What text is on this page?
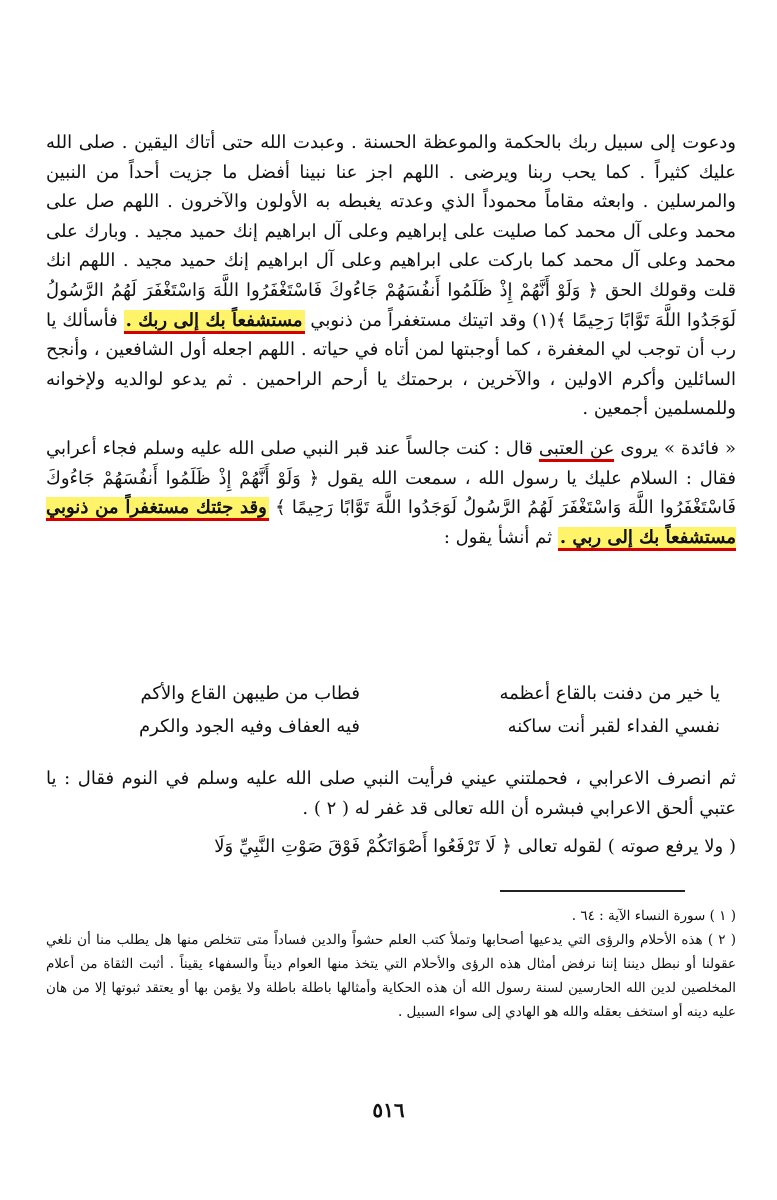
ودعوت إلى سبيل ربك بالحكمة والموعظة الحسنة . وعبدت الله حتى أتاك اليقين . صلى الله عليك كثيراً . كما يحب ربنا ويرضى . اللهم اجز عنا نبينا أفضل ما جزيت أحداً من النبين والمرسلين . وابعثه مقاماً محموداً الذي وعدته يغبطه به الأولون والآخرون . اللهم صل على محمد وعلى آل محمد كما صليت على إبراهيم وعلى آل ابراهيم إنك حميد مجيد . وبارك على محمد وعلى آل محمد كما باركت على ابراهيم وعلى آل ابراهيم إنك حميد مجيد . اللهم انك قلت وقولك الحق ﴿ وَلَوْ أَنَّهُمْ إِذْ ظَلَمُوا أَنفُسَهُمْ جَاءُوكَ فَاسْتَغْفَرُوا اللَّهَ وَاسْتَغْفَرَ لَهُمُ الرَّسُولُ لَوَجَدُوا اللَّهَ تَوَّابًا رَحِيمًا ﴾(١) وقد اتيتك مستغفراً من ذنوبي مستشفعاً بك إلى ربك . فأسألك يا رب أن توجب لي المغفرة ، كما أوجبتها لمن أتاه في حياته . اللهم اجعله أول الشافعين ، وأنجح السائلين وأكرم الاولين ، والآخرين ، برحمتك يا أرحم الراحمين . ثم يدعو لوالديه ولإخوانه وللمسلمين أجمعين .

« فائدة » يروى عن العتبى قال : كنت جالساً عند قبر النبي صلى الله عليه وسلم فجاء أعرابي فقال : السلام عليك يا رسول الله ، سمعت الله يقول ﴿ وَلَوْ أَنَّهُمْ إِذْ ظَلَمُوا أَنفُسَهُمْ جَاءُوكَ فَاسْتَغْفَرُوا اللَّهَ وَاسْتَغْفَرَ لَهُمُ الرَّسُولُ لَوَجَدُوا اللَّهَ تَوَّابًا رَحِيمًا ﴾ وقد جئتك مستغفراً من ذنوبي مستشفعاً بك إلى ربي . ثم أنشأ يقول :

يا خير من دفنت بالقاع أعظمه
فطاب من طيبهن القاع والأكم
نفسي الفداء لقبر أنت ساكنه
فيه العفاف وفيه الجود والكرم

ثم انصرف الاعرابي ، فحملتني عيني فرأيت النبي صلى الله عليه وسلم في النوم فقال : يا عتبي ألحق الاعرابي فبشره أن الله تعالى قد غفر له ( ٢ ) .

( ولا يرفع صوته ) لقوله تعالى ﴿ لَا تَرْفَعُوا أَصْوَاتَكُمْ فَوْقَ صَوْتِ النَّبِيِّ وَلَا

( ١ ) سورة النساء الآية : ٦٤ .

( ٢ ) هذه الأحلام والرؤى التي يدعيها أصحابها وتملأ كتب العلم حشواً والدين فساداً متى تتخلص منها هل يطلب منا أن نلغي عقولنا أو نبطل ديننا إننا نرفض أمثال هذه الرؤى والأحلام التي يتخذ منها العوام ديناً والسفهاء يقيناً . أثبت الثقاة من أعلام المخلصين لدين الله الحارسين لسنة رسول الله أن هذه الحكاية وأمثالها باطلة باطلة ولا يؤمن بها أو يعتقد ثبوتها إلا من هان عليه دينه أو استخف بعقله والله هو الهادي إلى سواء السبيل .

٥١٦
